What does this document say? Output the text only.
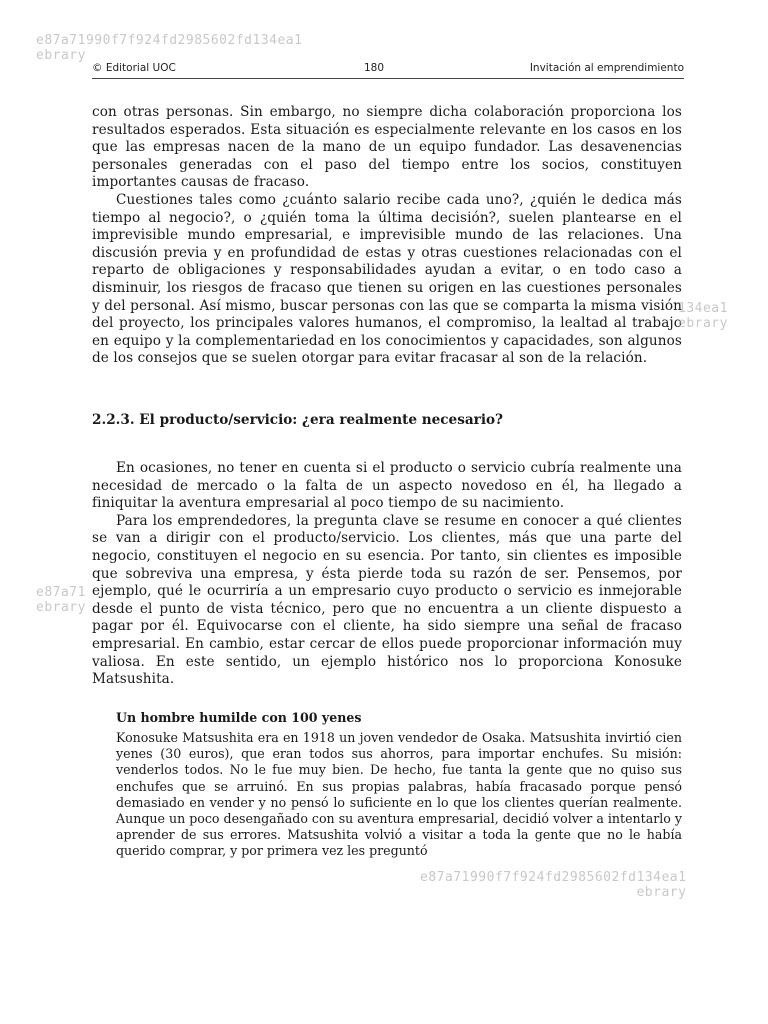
e87a71990f7f924fd2985602fd134ea1
ebrary
© Editorial UOC	180	Invitación al emprendimiento

con otras personas. Sin embargo, no siempre dicha colaboración proporciona los resultados esperados. Esta situación es especialmente relevante en los casos en los que las empresas nacen de la mano de un equipo fundador. Las desavenencias personales generadas con el paso del tiempo entre los socios, constituyen importantes causas de fracaso.

Cuestiones tales como ¿cuánto salario recibe cada uno?, ¿quién le dedica más tiempo al negocio?, o ¿quién toma la última decisión?, suelen plantearse en el imprevisible mundo empresarial, e imprevisible mundo de las relaciones. Una discusión previa y en profundidad de estas y otras cuestiones relacionadas con el reparto de obligaciones y responsabilidades ayudan a evitar, o en todo caso a disminuir, los riesgos de fracaso que tienen su origen en las cuestiones personales y del personal. Así mismo, buscar personas con las que se comparta la misma visión del proyecto, los principales valores humanos, el compromiso, la lealtad al trabajo en equipo y la complementariedad en los conocimientos y capacidades, son algunos de los consejos que se suelen otorgar para evitar fracasar al son de la relación.

134ea1
ebrary
2.2.3. El producto/servicio: ¿era realmente necesario?

En ocasiones, no tener en cuenta si el producto o servicio cubría realmente una necesidad de mercado o la falta de un aspecto novedoso en él, ha llegado a finiquitar la aventura empresarial al poco tiempo de su nacimiento.

Para los emprendedores, la pregunta clave se resume en conocer a qué clientes se van a dirigir con el producto/servicio. Los clientes, más que una parte del negocio, constituyen el negocio en su esencia. Por tanto, sin clientes es imposible que sobreviva una empresa, y ésta pierde toda su razón de ser. Pensemos, por ejemplo, qué le ocurriría a un empresario cuyo producto o servicio es inmejorable desde el punto de vista técnico, pero que no encuentra a un cliente dispuesto a pagar por él. Equivocarse con el cliente, ha sido siempre una señal de fracaso empresarial. En cambio, estar cercar de ellos puede proporcionar información muy valiosa. En este sentido, un ejemplo histórico nos lo proporciona Konosuke Matsushita.

e87a71
ebrary
Un hombre humilde con 100 yenes

Konosuke Matsushita era en 1918 un joven vendedor de Osaka. Matsushita invirtió cien yenes (30 euros), que eran todos sus ahorros, para importar enchufes. Su misión: venderlos todos. No le fue muy bien. De hecho, fue tanta la gente que no quiso sus enchufes que se arruinó. En sus propias palabras, había fracasado porque pensó demasiado en vender y no pensó lo suficiente en lo que los clientes querían realmente. Aunque un poco desengañado con su aventura empresarial, decidió volver a intentarlo y aprender de sus errores. Matsushita volvió a visitar a toda la gente que no le había querido comprar, y por primera vez les preguntó

e87a71990f7f924fd2985602fd134ea1
ebrary
